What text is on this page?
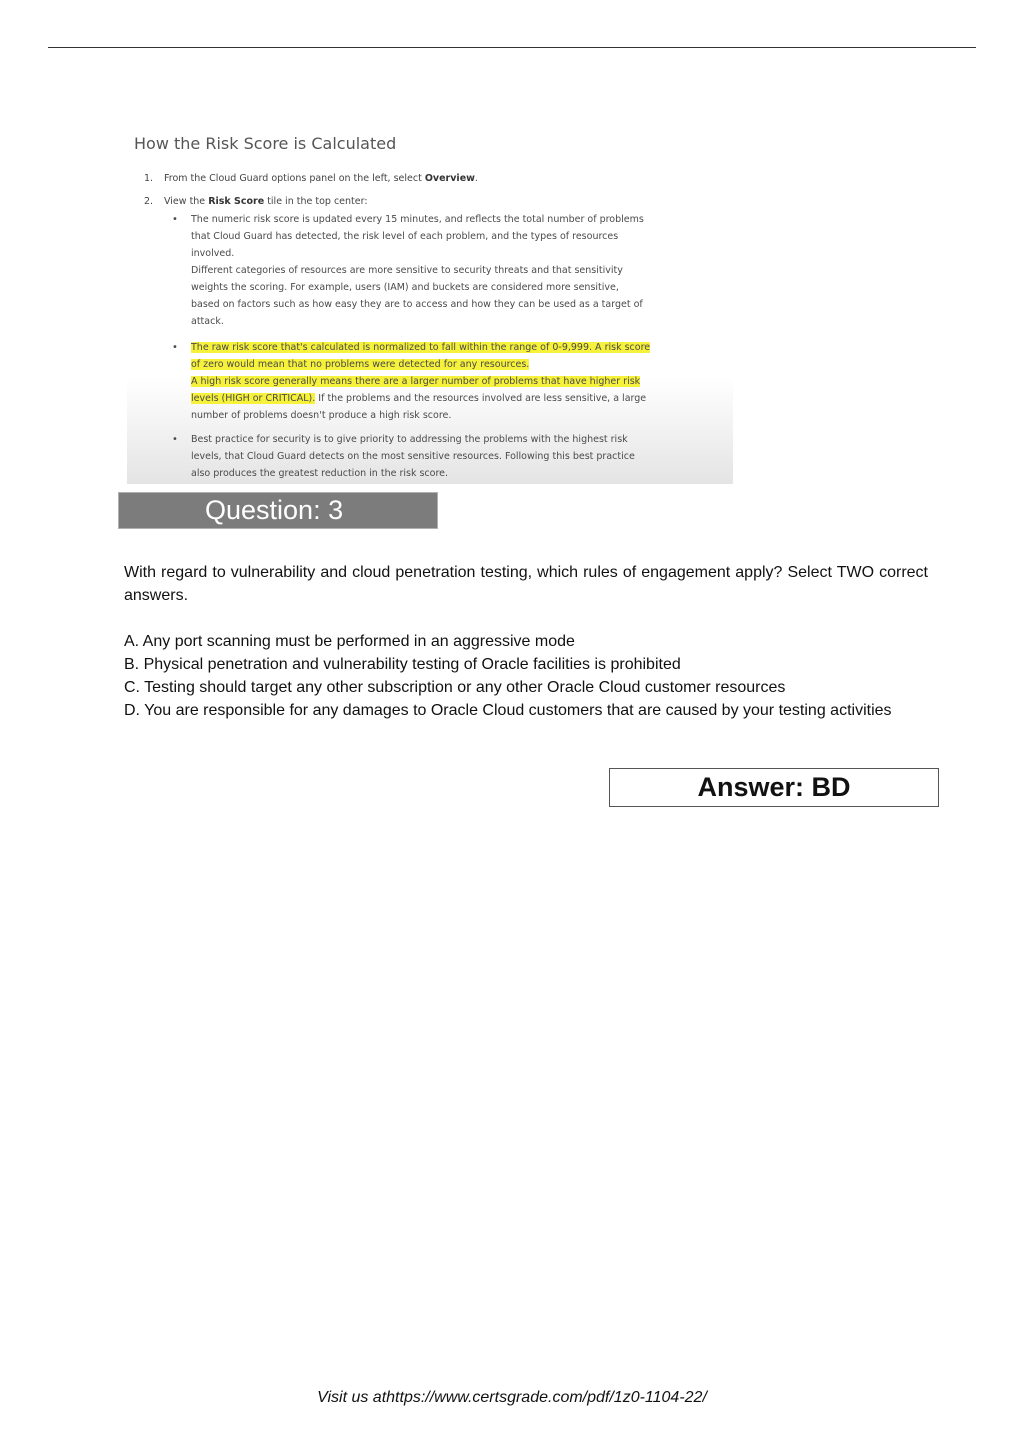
How the Risk Score is Calculated
1. From the Cloud Guard options panel on the left, select Overview.
2. View the Risk Score tile in the top center:
• The numeric risk score is updated every 15 minutes, and reflects the total number of problems
that Cloud Guard has detected, the risk level of each problem, and the types of resources
involved.
Different categories of resources are more sensitive to security threats and that sensitivity
weights the scoring. For example, users (IAM) and buckets are considered more sensitive,
based on factors such as how easy they are to access and how they can be used as a target of
attack.
• The raw risk score that's calculated is normalized to fall within the range of 0-9,999. A risk score
of zero would mean that no problems were detected for any resources.
A high risk score generally means there are a larger number of problems that have higher risk
levels (HIGH or CRITICAL). If the problems and the resources involved are less sensitive, a large
number of problems doesn't produce a high risk score.
• Best practice for security is to give priority to addressing the problems with the highest risk
levels, that Cloud Guard detects on the most sensitive resources. Following this best practice
also produces the greatest reduction in the risk score.
Question: 3
With regard to vulnerability and cloud penetration testing, which rules of engagement apply? Select TWO correct answers.
A. Any port scanning must be performed in an aggressive mode
B. Physical penetration and vulnerability testing of Oracle facilities is prohibited
C. Testing should target any other subscription or any other Oracle Cloud customer resources
D. You are responsible for any damages to Oracle Cloud customers that are caused by your testing activities
Answer: BD
Visit us athttps://www.certsgrade.com/pdf/1z0-1104-22/
